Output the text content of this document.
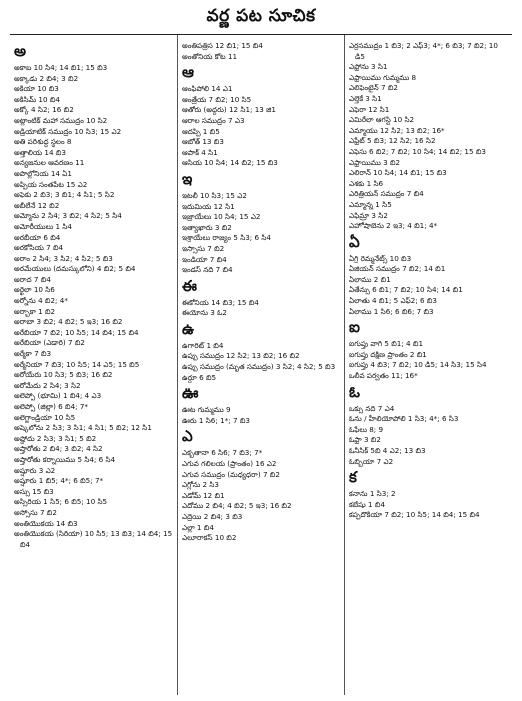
వర్ణ పట సూచిక
అ
అకాబ 10 సి4; 14 బి1; 15 బి3
అక్కాడు 2 బి4; 3 బి2
అకియా 10 బి3
అకిసిమ్ 10 బి4
అక్కో 4 సి2; 16 బి2
అట్లాంటిక్ మహా సముద్రం 10 సి2
అడ్రియాటిక్ సముద్రం 10 సి3; 15 ఎ2
అతి పరిశుద్ధ స్థలం 8
అత్తాలియ 14 బి3
అన్యజనుల ఆవరణం 11
అపొల్లోనియ 14 ఏ1
అప్పియ సంతపేట 15 ఎ2
అఫెకు 2 బి3; 3 బి1; 4 సి1; 5 సి2
అబీలేనే 12 బి2
అమ్మోను 2 సి4; 3 బి2; 4 సి2; 5 సి4
అమోరీయులు 1 సి4
అరబీయా 6 బి4
అరకోసియ 7 బి4
అరాం 2 సి4; 3 సి2; 4 సి2; 5 బి3
అరమేయులు (దమస్కులోని) 4 బి2; 5 బి4
అరాద 7 బి4
అర్ఖెలా 10 సి6
అర్నోను 4 బి2; 4*
అర్బాకా 1 బి2
అరాబా 3 బి2; 4 బి2; 5 ఇ3; 16 బి2
అరేబియా 7 బి2; 10 సి5; 14 బి4; 15 బి4
అరేబియా (ఎడారి) 7 బి2
అర్మేకా 7 బి3
అర్మేనియా 7 బి3; 10 సి5; 14 ఎ5; 15 బి5
అరోయేరు 10 సి3; 5 బి3; 16 బి2
అరోమేదు 2 సి4; 3 సి2
అలెప్పో (భూమి) 1 బి4; 4 ఎ3
అలెప్పో (జిల్లా) 6 బి4; 7*
అలెగ్జాండ్రియా 10 సి5
అష్కెలోను 2 సి3; 3 సి1; 4 సి1; 5 బి2; 12 సి1
అష్డోదు 2 సి3; 3 సి1; 5 బి2
అష్తారోతు 2 బి4; 3 బి2; 4 సి2
అష్తారోతు కర్నాయిము 5 సి4; 6 సి4
అష్షూరు 3 ఎ2
అష్షూరు 1 బి5; 4*; 6 బి5; 7*
అస్సు 15 బి3
అస్సిరియ 1 సి5; 6 బి5; 10 సి5
అస్సోసు 7 బి2
అంతియొకయ 14 బి3
అంతియొకయ (సిరియా) 10 సి5; 13 బి3; 14 బి4; 15 బి4
అంతిపత్రిస 12 బి1; 15 బి4
అంతోనియ కోట 11
ఆ
ఆంఫిపోలి 14 ఎ1
ఆంత్రేయ 7 బి2; 10 సి5
ఆతోరు (అద్దరు) 12 సి1; 13 జి1
ఆరాల సముద్రం 7 ఎ3
ఆదప్పి 1 బి5
ఆబోత్ 13 బి3
ఆపాక్ 4 సి1
ఆసియ 10 సి4; 14 బి2; 15 బి3
ఇ
ఇటలీ 10 సి3; 15 ఎ2
ఇదుమియ 12 సి1
ఇజ్రాయేలు 10 సి4; 15 ఎ2
ఇత్యాఖారు 3 బి2
ఇశ్రాయేలు రాజ్యం 5 సి3; 6 సి4
ఇస్సాసు 7 బి2
ఇండియా 7 బి4
ఇండస్ నది 7 బి4
ఈ
ఈకోనియ 14 బి3; 15 బి4
ఈయోను 3 ఓ2
ఉ
ఉగారిట్ 1 బి4
ఉప్పు సముద్రం 12 సి2; 13 బి2; 16 బి2
ఉప్పు సముద్రం (మృత సముద్రం) 3 సి2; 4 సి2; 5 బి3
ఉర్దూ 6 బి5
ఊ
ఊట గుమ్మము 9
ఊరు 1 సి6; 1*; 7 బి3
ఎ
ఎక్బతానా 6 సి6; 7 బి3; 7*
ఎగువ గలిలయ (ప్రాంతం) 16 ఎ2
ఎగువ సముద్రం (మధ్యధరా) 7 బి2
ఎగ్లోను 2 సి3
ఎడోమ్ 12 బి1
ఎదోము 2 బి4; 4 బి2; 5 ఇ3; 16 బి2
ఎద్రెయి 2 బి4; 3 బి3
ఎల్లా 1 బి4
ఎలూరాకస్ 10 బి2
ఎర్రసముద్రం 1 బి3; 2 ఎఫ్3; 4*; 6 బి3; 7 బి2; 10 డి5
ఎఫ్రోను 3 సి1
ఎఫ్రాయిము గుమ్మము 8
ఎలిఫెంటైన్ 7 బి2
ఎల్తెకే 3 సి1
ఎఫెరా 12 సి1
ఎమిరేలా ఆగస్టి 10 సి2
ఎమ్మాయు 12 సి2; 13 బి2; 16*
ఎఫ్రేట్ 5 బి3; 12 సి2; 16 సి2
ఎఫెసు 6 బి2; 7 బి2; 10 సి4; 14 బి2; 15 బి3
ఎఫ్రాయిము 3 బి2
ఎలిరాన్ 10 సి4; 14 బి1; 15 బి3
ఎశకు 1 సి6
ఎరిత్రియన్ సముద్రం 7 బి4
ఎమ్మాన్న 1 సి5
ఎఫిమ్రా 3 సి2
ఎహోషాబెను 2 ఇ3; 4 బి1; 4*
ఏ
ఏగ్రి రెమ్మనేట్స్ 10 బి3
ఏజియన్ సముద్రం 7 బి2; 14 బి1
ఏలాము 2 బి1
ఏతేన్సు 6 బి1; 7 బి2; 10 సి4; 14 బి1
ఏలాతు 4 బి1; 5 ఎఫ్2; 6 బి3
ఏలాము 1 సి6; 6 బి6; 7 బి3
ఐ
ఐగుప్తు వాగి 5 బి1; 4 బి1
ఐగుప్తు దక్షిణ ప్రాంతం 2 బి1
ఐగుప్తు 4 బి3; 7 బి2; 10 డి5; 14 సి3; 15 సి4
ఒలీవ పర్వతం 11; 16*
ఓ
ఒక్సు నది 7 ఎ4
ఓను / హీలియోపోలి 1 సి3; 4*; 6 సి3
ఓఫేలు 8; 9
ఓఫ్రా 3 బి2
ఓనీసిక్ 5బి 4 ఎ2; 13 బి3
ఓబ్బియా 7 ఎ2
క
కనాను 1 సి3; 2
కబేషు 1 బి4
కప్పదొకియా 7 బి2; 10 సి5; 14 బి4; 15 బి4
